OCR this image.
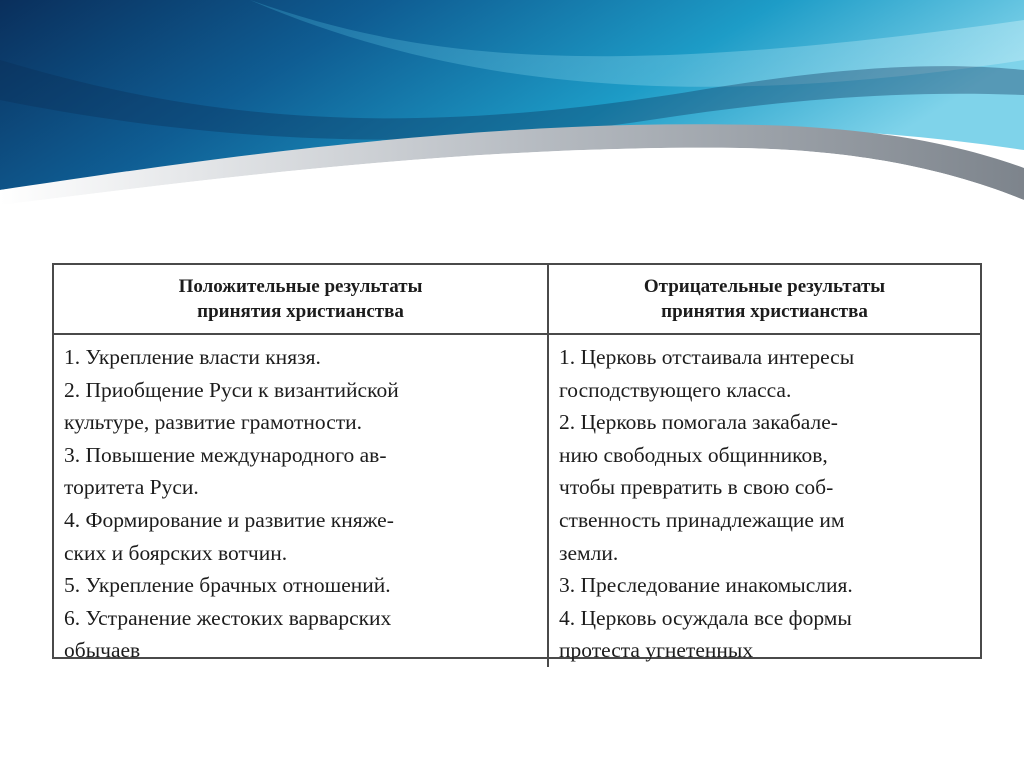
Положительные результаты
принятия христианства
Отрицательные результаты
принятия христианства
1. Укрепление власти князя.
2. Приобщение Руси к византийской
культуре, развитие грамотности.
3. Повышение международного ав-
торитета Руси.
4. Формирование и развитие княже-
ских и боярских вотчин.
5. Укрепление брачных отношений.
6. Устранение жестоких варварских
обычаев
1. Церковь отстаивала интересы
господствующего класса.
2. Церковь помогала закабале-
нию свободных общинников,
чтобы превратить в свою соб-
ственность принадлежащие им
земли.
3. Преследование инакомыслия.
4. Церковь осуждала все формы
протеста угнетенных
